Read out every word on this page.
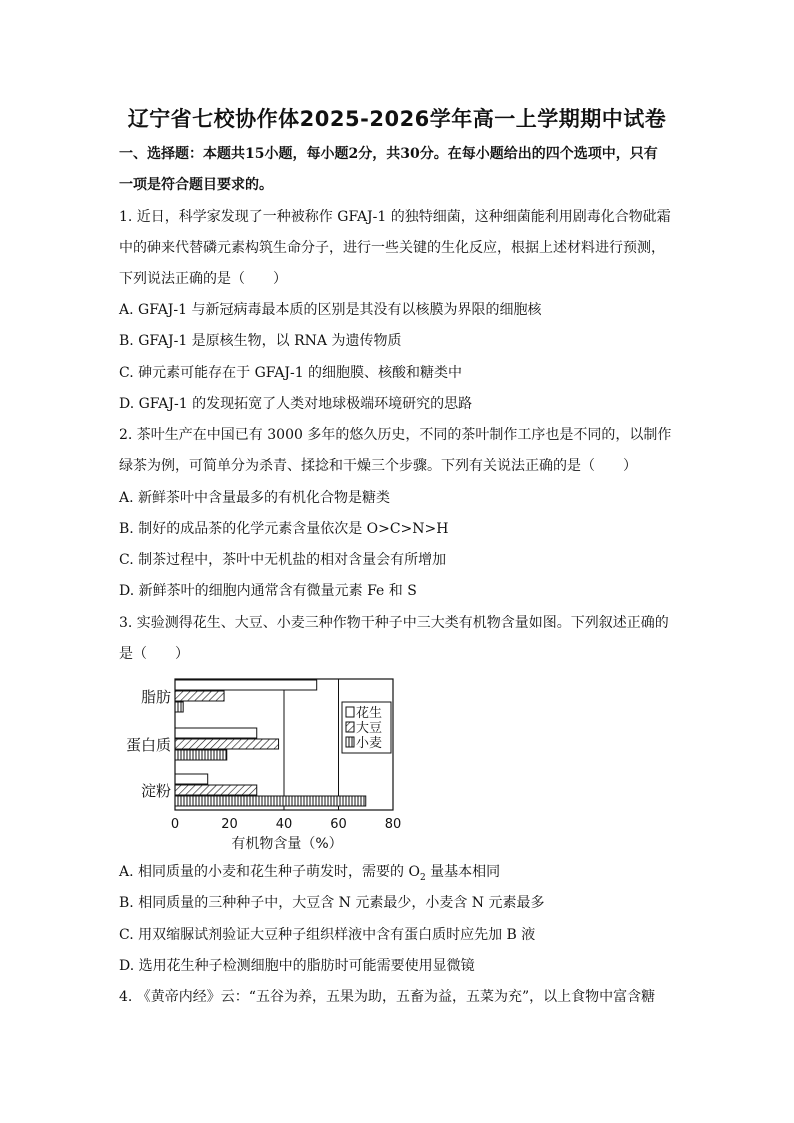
辽宁省七校协作体2025-2026学年高一上学期期中试卷
一、选择题：本题共15小题，每小题2分，共30分。在每小题给出的四个选项中，只有
一项是符合题目要求的。
1. 近日，科学家发现了一种被称作 GFAJ-1 的独特细菌，这种细菌能利用剧毒化合物砒霜
中的砷来代替磷元素构筑生命分子，进行一些关键的生化反应，根据上述材料进行预测，
下列说法正确的是（　　）
A. GFAJ-1 与新冠病毒最本质的区别是其没有以核膜为界限的细胞核
B. GFAJ-1 是原核生物，以 RNA 为遗传物质
C. 砷元素可能存在于 GFAJ-1 的细胞膜、核酸和糖类中
D. GFAJ-1 的发现拓宽了人类对地球极端环境研究的思路
2. 茶叶生产在中国已有 3000 多年的悠久历史，不同的茶叶制作工序也是不同的，以制作
绿茶为例，可简单分为杀青、揉捻和干燥三个步骤。下列有关说法正确的是（　　）
A. 新鲜茶叶中含量最多的有机化合物是糖类
B. 制好的成品茶的化学元素含量依次是 O>C>N>H
C. 制茶过程中，茶叶中无机盐的相对含量会有所增加
D. 新鲜茶叶的细胞内通常含有微量元素 Fe 和 S
3. 实验测得花生、大豆、小麦三种作物干种子中三大类有机物含量如图。下列叙述正确的
是（　　）
花生
大豆
小麦
脂肪
蛋白质
淀粉
0	20	40	60	80
有机物含量（%）
A. 相同质量的小麦和花生种子萌发时，需要的 $O_2$ 量基本相同
B. 相同质量的三种种子中，大豆含 N 元素最少，小麦含 N 元素最多
C. 用双缩脲试剂验证大豆种子组织样液中含有蛋白质时应先加 B 液
D. 选用花生种子检测细胞中的脂肪时可能需要使用显微镜
4. 《黄帝内经》云：“五谷为养，五果为助，五畜为益，五菜为充”，以上食物中富含糖
